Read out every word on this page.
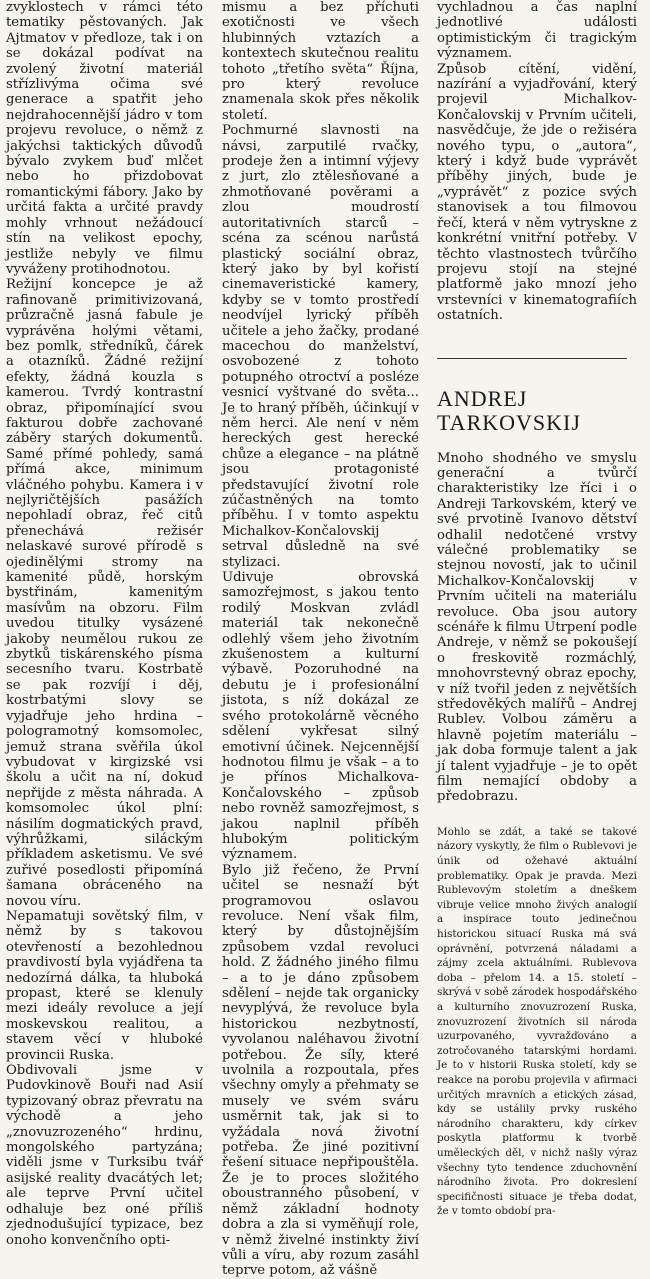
zvyklostech v rámci této tematiky pěstovaných. Jak Ajtmatov v předloze, tak i on se dokázal podívat na zvolený životní materiál střízlivýma očima své generace a spatřit jeho nejdrahocennější jádro v tom projevu revoluce, o němž z jakýchsi taktických důvodů bývalo zvykem buď mlčet nebo ho přizdobovat romantickými fábory. Jako by určitá fakta a určité pravdy mohly vrhnout nežádoucí stín na velikost epochy, jestliže nebyly ve filmu vyváženy protihodnotou.

Režijní koncepce je až rafinovaně primitivizovaná, průzračně jasná fabule je vyprávěna holými větami, bez pomlk, středníků, čárek a otazníků. Žádné režijní efekty, žádná kouzla s kamerou. Tvrdý kontrastní obraz, připomínající svou fakturou dobře zachované záběry starých dokumentů. Samé přímé pohledy, samá přímá akce, minimum vláčného pohybu. Kamera i v nejlyričtějších pasážích nepohladí obraz, řeč citů přenechává režisér nelaskavé surové přírodě s ojedinělými stromy na kamenité půdě, horským bystřinám, kamenitým masívům na obzoru. Film uvedou titulky vysázené jakoby neumělou rukou ze zbytků tiskárenského písma secesního tvaru. Kostrbatě se pak rozvíjí i děj, kostrbatými slovy se vyjadřuje jeho hrdina – pologramotný komsomolec, jemuž strana svěřila úkol vybudovat v kirgizské vsi školu a učit na ní, dokud nepřijde z města náhrada. A komsomolec úkol plní: násilím dogmatických pravd, výhrůžkami, siláckým příkladem asketismu. Ve své zuřivé posedlosti připomíná šamana obráceného na novou víru.

Nepamatuji sovětský film, v němž by s takovou otevřeností a bezohlednou pravdivostí byla vyjádřena ta nedozírná dálka, ta hluboká propast, které se klenuly mezi ideály revoluce a její moskevskou realitou, a stavem věcí v hluboké provincii Ruska.

Obdivovali jsme v Pudovkinově Bouři nad Asií typizovaný obraz převratu na východě a jeho „znovuzrozeného“ hrdinu, mongolského partyzána; viděli jsme v Turksibu tvář asijské reality dvacátých let; ale teprve První učitel odhaluje bez oné příliš zjednodušující typizace, bez onoho konvenčního opti-

mismu a bez příchuti exotičnosti ve všech hlubinných vztazích a kontextech skutečnou realitu tohoto „třetího světa“ Října, pro který revoluce znamenala skok přes několik století.

Pochmurné slavnosti na návsi, zarputilé rvačky, prodeje žen a intimní výjevy z jurt, zlo ztělesňované a zhmotňované pověrami a zlou moudrostí autoritativních starců – scéna za scénou narůstá plastický sociální obraz, který jako by byl kořistí cinemaveristické kamery, kdyby se v tomto prostředí neodvíjel lyrický příběh učitele a jeho žačky, prodané macechou do manželství, osvobozené z tohoto potupného otroctví a posléze vesnicí vyštvané do světa... Je to hraný příběh, účinkují v něm herci. Ale není v něm hereckých gest herecké chůze a elegance – na plátně jsou protagonisté představující životní role zúčastněných na tomto příběhu. I v tomto aspektu Michalkov-Končalovskij setrval důsledně na své stylizaci.

Udivuje obrovská samozřejmost, s jakou tento rodilý Moskvan zvládl materiál tak nekonečně odlehlý všem jeho životním zkušenostem a kulturní výbavě. Pozoruhodné na debutu je i profesionální jistota, s níž dokázal ze svého protokolárně věcného sdělení vykřesat silný emotivní účinek. Nejcennější hodnotou filmu je však – a to je přínos Michalkova-Končalovského – způsob nebo rovněž samozřejmost, s jakou naplnil příběh hlubokým politickým významem.

Bylo již řečeno, že První učitel se nesnaží být programovou oslavou revoluce. Není však film, který by důstojnějším způsobem vzdal revoluci hold. Z žádného jiného filmu – a to je dáno způsobem sdělení – nejde tak organicky nevyplývá, že revoluce byla historickou nezbytností, vyvolanou naléhavou životní potřebou. Že síly, které uvolnila a rozpoutala, přes všechny omyly a přehmaty se musely ve svém sváru usměrnit tak, jak si to vyžádala nová životní potřeba. Že jiné pozitivní řešení situace nepřipouštěla. Že je to proces složitého oboustranného působení, v němž základní hodnoty dobra a zla si vyměňují role, v němž živelné instinkty živí vůli a víru, aby rozum zasáhl teprve potom, až vášně

vychladnou a čas naplní jednotlivé události optimistickým či tragickým významem.

Způsob cítění, vidění, nazírání a vyjadřování, který projevil Michalkov-Končalovskij v Prvním učiteli, nasvědčuje, že jde o režiséra nového typu, o „autora“, který i když bude vyprávět příběhy jiných, bude je „vyprávět“ z pozice svých stanovisek a tou filmovou řečí, která v něm vytryskne z konkrétní vnitřní potřeby. V těchto vlastnostech tvůrčího projevu stojí na stejné platformě jako mnozí jeho vrstevníci v kinematografiích ostatních.

ANDREJ
TARKOVSKIJ

Mnoho shodného ve smyslu generační a tvůrčí charakteristiky lze říci i o Andreji Tarkovském, který ve své prvotině Ivanovo dětství odhalil nedotčené vrstvy válečné problematiky se stejnou novostí, jak to učinil Michalkov-Končalovskij v Prvním učiteli na materiálu revoluce. Oba jsou autory scénáře k filmu Utrpení podle Andreje, v němž se pokoušejí o freskovitě rozmáchlý, mnohovrstevný obraz epochy, v níž tvořil jeden z největších středověkých malířů – Andrej Rublev. Volbou záměru a hlavně pojetím materiálu – jak doba formuje talent a jak jí talent vyjadřuje – je to opět film nemající obdoby a předobrazu.

Mohlo se zdát, a také se takové názory vyskytly, že film o Rublevovi je únik od ožehavé aktuální problematiky. Opak je pravda. Mezi Rublevovým stoletím a dneškem vibruje velice mnoho živých analogií a inspirace touto jedinečnou historickou situací Ruska má svá oprávnění, potvrzená náladami a zájmy zcela aktuálními. Rublevova doba – přelom 14. a 15. století – skrývá v sobě zárodek hospodářského a kulturního znovuzrození Ruska, znovuzrození životních sil národa uzurpovaného, vyvražďováno a zotročovaného tatarskými hordami. Je to v historii Ruska století, kdy se reakce na porobu projevila v afirmaci určitých mravních a etických zásad, kdy se ustálily prvky ruského národního charakteru, kdy církev poskytla platformu k tvorbě uměleckých děl, v nichž našly výraz všechny tyto tendence zduchovnění národního života. Pro dokreslení specifičnosti situace je třeba dodat, že v tomto období pra-
